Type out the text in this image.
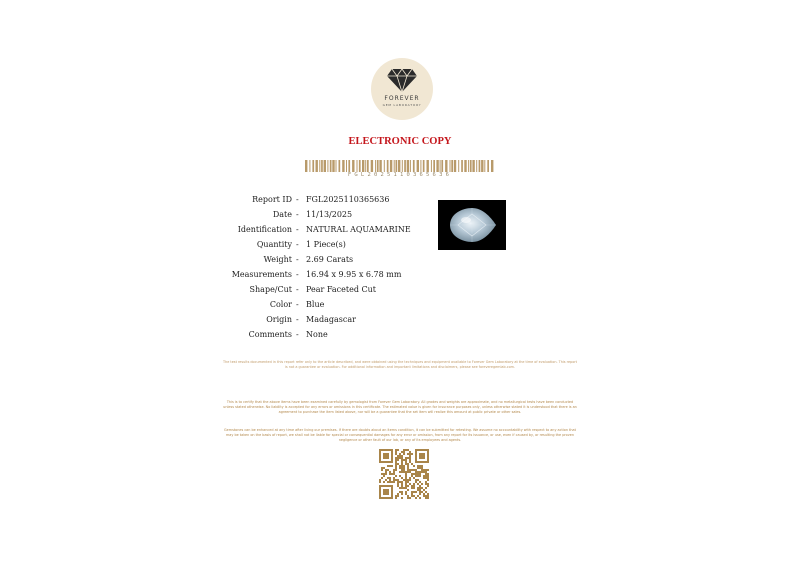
FOREVER
GEM LABORATORY
ELECTRONIC COPY
FGL2025110365636
Report ID - FGL2025110365636
Date - 11/13/2025
Identification - NATURAL AQUAMARINE
Quantity - 1 Piece(s)
Weight - 2.69 Carats
Measurements - 16.94 x 9.95 x 6.78 mm
Shape/Cut - Pear Faceted Cut
Color - Blue
Origin - Madagascar
Comments - None
The test results documented in this report refer only to the article described, and were obtained using the techniques and equipment available to Forever Gem Laboratory at the time of evaluation. This report is not a guarantee or evaluation. For additional information and important limitations and disclaimers, please see foreveregemlab.com.
This is to certify that the above items have been examined carefully by gemologist from Forever Gem Laboratory. All grades and weights are approximate, and no metallurgical tests have been conducted unless stated otherwise. No liability is accepted for any errors or omissions in this certificate. The estimated value is given for insurance purposes only, unless otherwise stated it is understood that there is an agreement to purchase the item listed above, nor will be a guarantee that the set item will realize this amount at public private or other sales.
Gemstones can be enhanced at any time after living our premises. If there are doubts about an items condition, it can be submitted for retesting. We assume no accountability with respect to any action that may be taken on the basis of report, we shall not be liable for special or consequential damages for any error or omission, from any report for its issuance, or use, even if caused by, or resulting the proven negligence or other fault of our lab, or any of its employees and agents.
